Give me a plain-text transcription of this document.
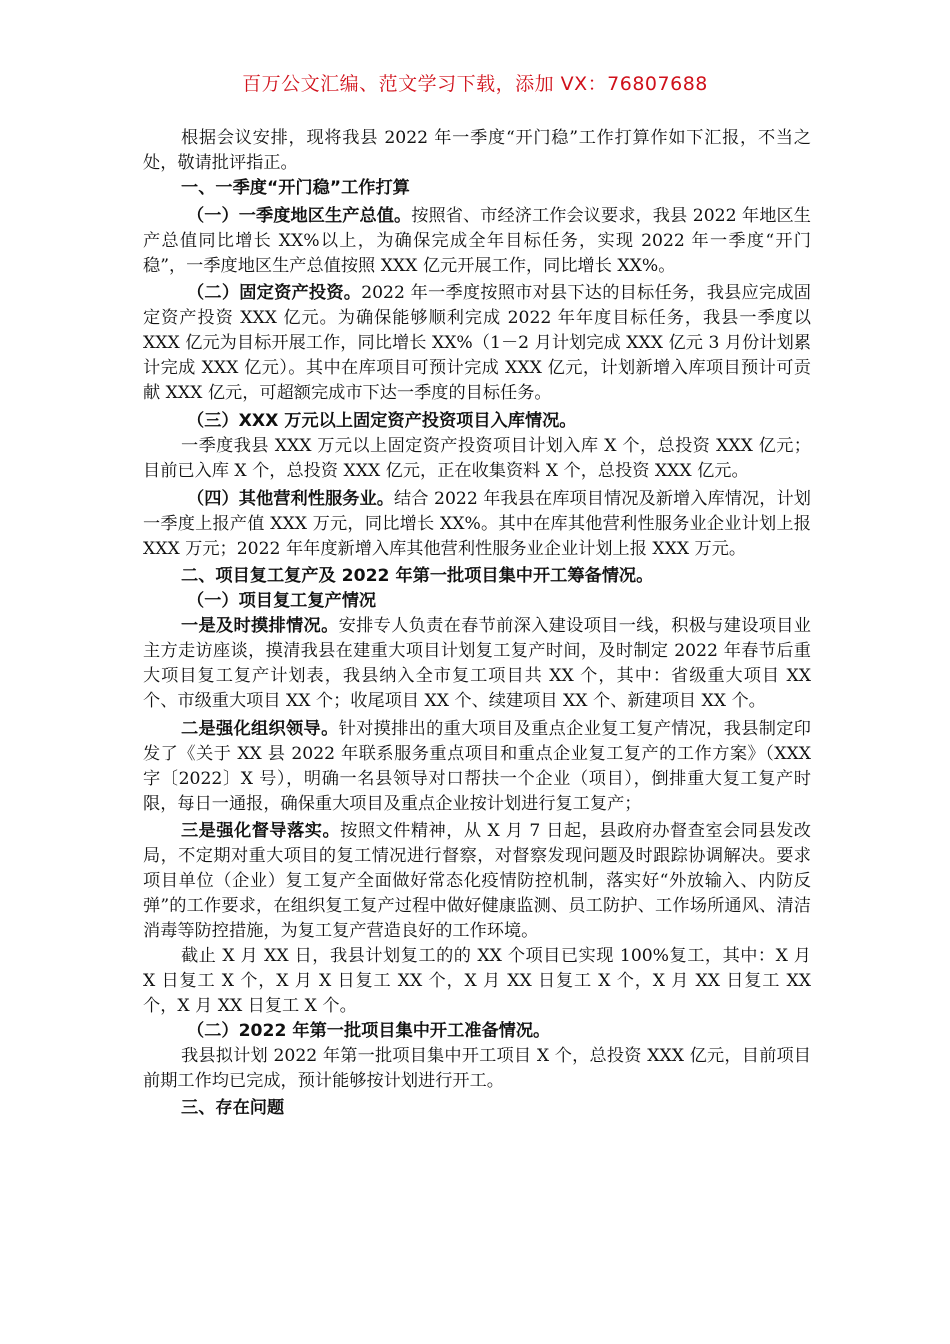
百万公文汇编、范文学习下载，添加 VX：76807688

根据会议安排，现将我县 2022 年一季度“开门稳”工作打算作如下汇报，不当之处，敬请批评指正。

一、一季度“开门稳”工作打算

（一）一季度地区生产总值。按照省、市经济工作会议要求，我县 2022 年地区生产总值同比增长 XX%以上，为确保完成全年目标任务，实现 2022 年一季度“开门稳”，一季度地区生产总值按照 XXX 亿元开展工作，同比增长 XX%。

（二）固定资产投资。2022 年一季度按照市对县下达的目标任务，我县应完成固定资产投资 XXX 亿元。为确保能够顺利完成 2022 年年度目标任务，我县一季度以 XXX 亿元为目标开展工作，同比增长 XX%（1－2 月计划完成 XXX 亿元 3 月份计划累计完成 XXX 亿元）。其中在库项目可预计完成 XXX 亿元，计划新增入库项目预计可贡献 XXX 亿元，可超额完成市下达一季度的目标任务。

（三）XXX 万元以上固定资产投资项目入库情况。

一季度我县 XXX 万元以上固定资产投资项目计划入库 X 个，总投资 XXX 亿元；目前已入库 X 个，总投资 XXX 亿元，正在收集资料 X 个，总投资 XXX 亿元。

（四）其他营利性服务业。结合 2022 年我县在库项目情况及新增入库情况，计划一季度上报产值 XXX 万元，同比增长 XX%。其中在库其他营利性服务业企业计划上报 XXX 万元；2022 年年度新增入库其他营利性服务业企业计划上报 XXX 万元。

二、项目复工复产及 2022 年第一批项目集中开工筹备情况。

（一）项目复工复产情况

一是及时摸排情况。安排专人负责在春节前深入建设项目一线，积极与建设项目业主方走访座谈，摸清我县在建重大项目计划复工复产时间，及时制定 2022 年春节后重大项目复工复产计划表，我县纳入全市复工项目共 XX 个，其中：省级重大项目 XX 个、市级重大项目 XX 个；收尾项目 XX 个、续建项目 XX 个、新建项目 XX 个。

二是强化组织领导。针对摸排出的重大项目及重点企业复工复产情况，我县制定印发了《关于 XX 县 2022 年联系服务重点项目和重点企业复工复产的工作方案》（XXX 字〔2022〕X 号），明确一名县领导对口帮扶一个企业（项目），倒排重大复工复产时限，每日一通报，确保重大项目及重点企业按计划进行复工复产；

三是强化督导落实。按照文件精神，从 X 月 7 日起，县政府办督查室会同县发改局，不定期对重大项目的复工情况进行督察，对督察发现问题及时跟踪协调解决。要求项目单位（企业）复工复产全面做好常态化疫情防控机制，落实好“外放输入、内防反弹”的工作要求，在组织复工复产过程中做好健康监测、员工防护、工作场所通风、清洁消毒等防控措施，为复工复产营造良好的工作环境。

截止 X 月 XX 日，我县计划复工的的 XX 个项目已实现 100%复工，其中：X 月 X 日复工 X 个，X 月 X 日复工 XX 个，X 月 XX 日复工 X 个，X 月 XX 日复工 XX 个，X 月 XX 日复工 X 个。

（二）2022 年第一批项目集中开工准备情况。

我县拟计划 2022 年第一批项目集中开工项目 X 个，总投资 XXX 亿元，目前项目前期工作均已完成，预计能够按计划进行开工。

三、存在问题
